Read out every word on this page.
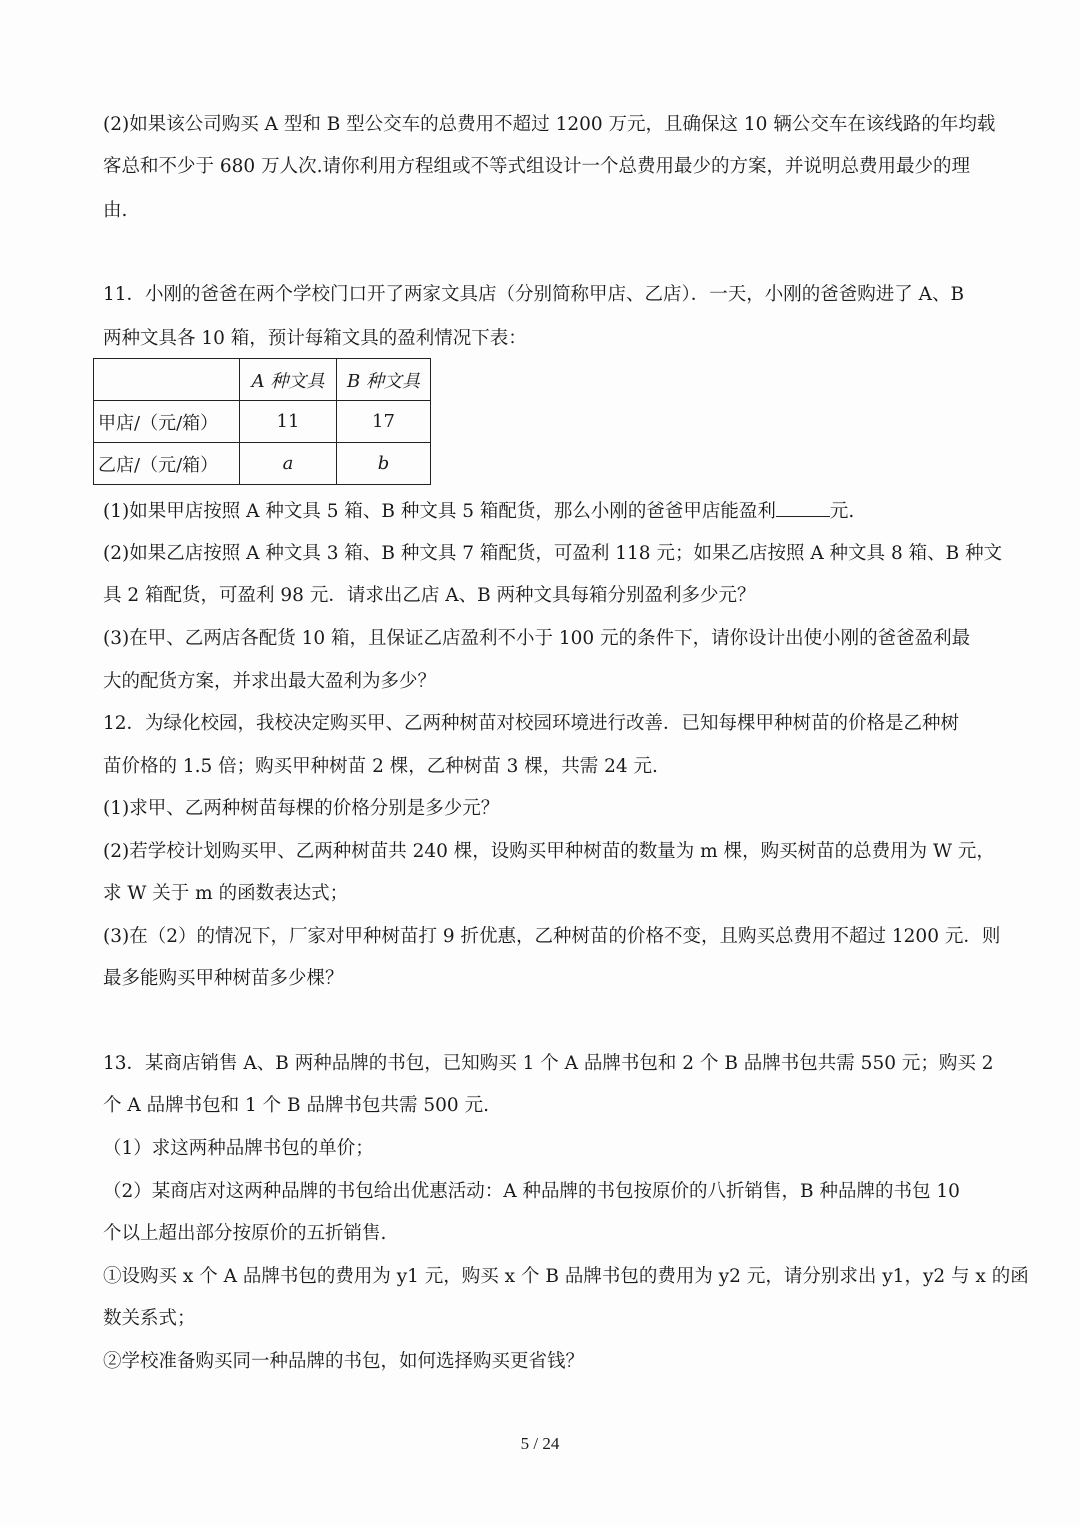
(2)如果该公司购买 A 型和 B 型公交车的总费用不超过 1200 万元，且确保这 10 辆公交车在该线路的年均载
客总和不少于 680 万人次.请你利用方程组或不等式组设计一个总费用最少的方案，并说明总费用最少的理
由.
11．小刚的爸爸在两个学校门口开了两家文具店（分别简称甲店、乙店）．一天，小刚的爸爸购进了 A、B
两种文具各 10 箱，预计每箱文具的盈利情况下表：
	A 种文具	B 种文具
甲店/（元/箱）	11	17
乙店/（元/箱）	a	b
(1)如果甲店按照 A 种文具 5 箱、B 种文具 5 箱配货，那么小刚的爸爸甲店能盈利	元.
(2)如果乙店按照 A 种文具 3 箱、B 种文具 7 箱配货，可盈利 118 元；如果乙店按照 A 种文具 8 箱、B 种文
具 2 箱配货，可盈利 98 元．请求出乙店 A、B 两种文具每箱分别盈利多少元？
(3)在甲、乙两店各配货 10 箱，且保证乙店盈利不小于 100 元的条件下，请你设计出使小刚的爸爸盈利最
大的配货方案，并求出最大盈利为多少？
12．为绿化校园，我校决定购买甲、乙两种树苗对校园环境进行改善．已知每棵甲种树苗的价格是乙种树
苗价格的 1.5 倍；购买甲种树苗 2 棵，乙种树苗 3 棵，共需 24 元.
(1)求甲、乙两种树苗每棵的价格分别是多少元？
(2)若学校计划购买甲、乙两种树苗共 240 棵，设购买甲种树苗的数量为 m 棵，购买树苗的总费用为 W 元，
求 W 关于 m 的函数表达式；
(3)在（2）的情况下，厂家对甲种树苗打 9 折优惠，乙种树苗的价格不变，且购买总费用不超过 1200 元．则
最多能购买甲种树苗多少棵？
13．某商店销售 A、B 两种品牌的书包，已知购买 1 个 A 品牌书包和 2 个 B 品牌书包共需 550 元；购买 2
个 A 品牌书包和 1 个 B 品牌书包共需 500 元.
（1）求这两种品牌书包的单价；
（2）某商店对这两种品牌的书包给出优惠活动：A 种品牌的书包按原价的八折销售，B 种品牌的书包 10
个以上超出部分按原价的五折销售.
①设购买 x 个 A 品牌书包的费用为 y1 元，购买 x 个 B 品牌书包的费用为 y2 元，请分别求出 y1，y2 与 x 的函
数关系式；
②学校准备购买同一种品牌的书包，如何选择购买更省钱？
5 / 24
